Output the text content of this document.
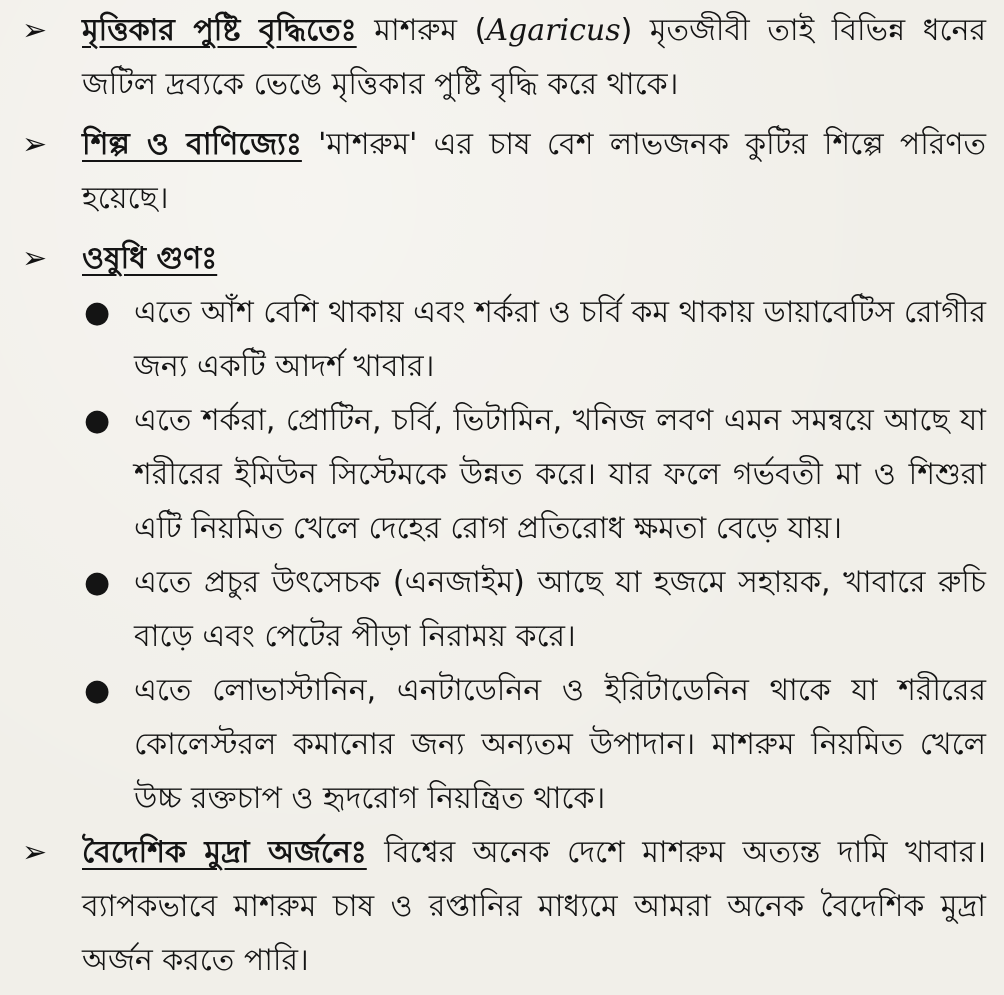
➢	মৃত্তিকার পুষ্টি বৃদ্ধিতেঃ মাশরুম (Agaricus) মৃতজীবী তাই বিভিন্ন ধনের জটিল দ্রব্যকে ভেঙে মৃত্তিকার পুষ্টি বৃদ্ধি করে থাকে।
➢	শিল্প ও বাণিজ্যেঃ 'মাশরুম' এর চাষ বেশ লাভজনক কুটির শিল্পে পরিণত হয়েছে।
➢	ওষুধি গুণঃ
● এতে আঁশ বেশি থাকায় এবং শর্করা ও চর্বি কম থাকায় ডায়াবেটিস রোগীর জন্য একটি আদর্শ খাবার।
● এতে শর্করা, প্রোটিন, চর্বি, ভিটামিন, খনিজ লবণ এমন সমন্বয়ে আছে যা শরীরের ইমিউন সিস্টেমকে উন্নত করে। যার ফলে গর্ভবতী মা ও শিশুরা এটি নিয়মিত খেলে দেহের রোগ প্রতিরোধ ক্ষমতা বেড়ে যায়।
● এতে প্রচুর উৎসেচক (এনজাইম) আছে যা হজমে সহায়ক, খাবারে রুচি বাড়ে এবং পেটের পীড়া নিরাময় করে।
● এতে লোভাস্টানিন, এনটাডেনিন ও ইরিটাডেনিন থাকে যা শরীরের কোলেস্টরল কমানোর জন্য অন্যতম উপাদান। মাশরুম নিয়মিত খেলে উচ্চ রক্তচাপ ও হৃদরোগ নিয়ন্ত্রিত থাকে।
➢	বৈদেশিক মুদ্রা অর্জনেঃ বিশ্বের অনেক দেশে মাশরুম অত্যন্ত দামি খাবার। ব্যাপকভাবে মাশরুম চাষ ও রপ্তানির মাধ্যমে আমরা অনেক বৈদেশিক মুদ্রা অর্জন করতে পারি।
